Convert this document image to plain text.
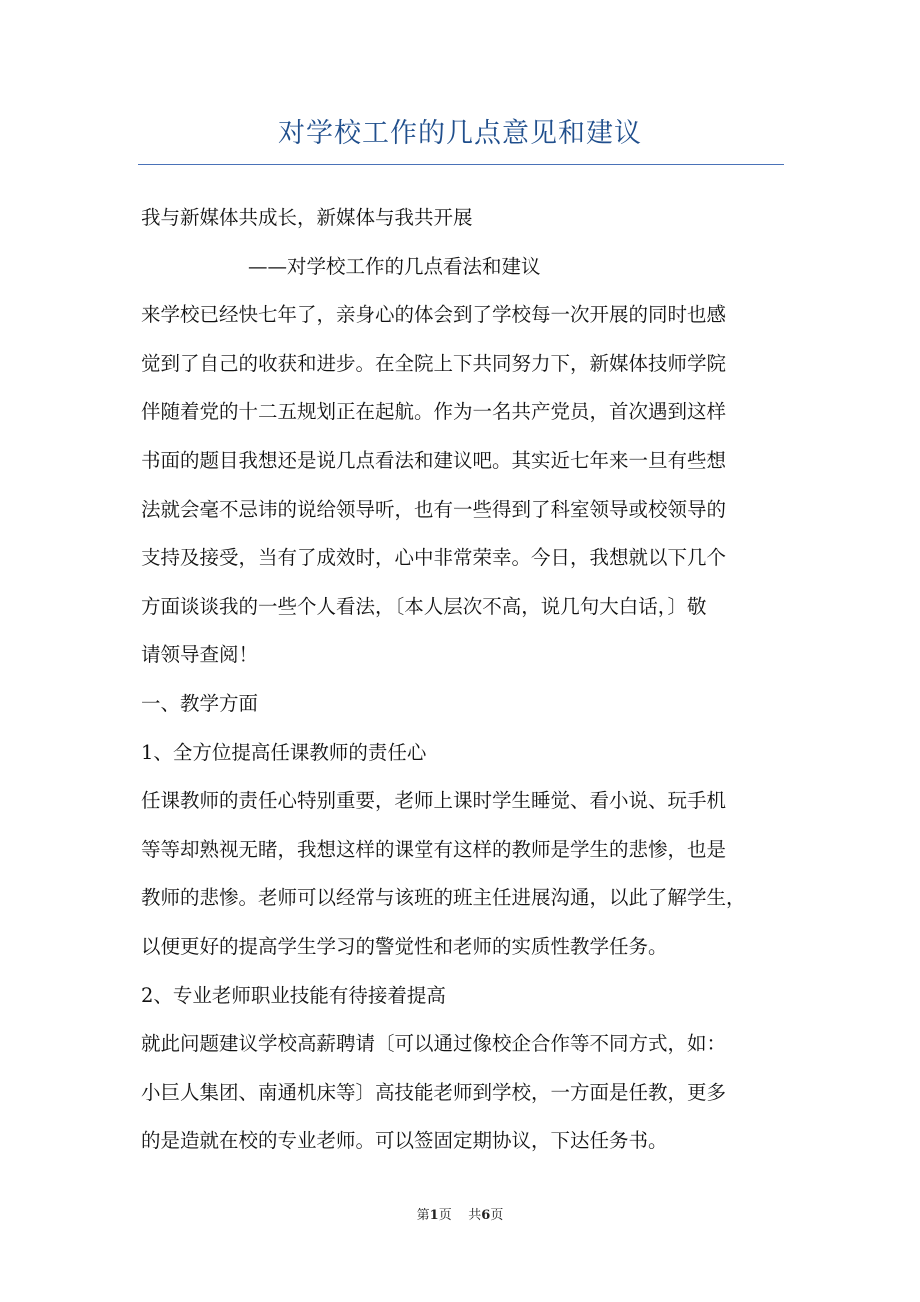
对学校工作的几点意见和建议
我与新媒体共成长，新媒体与我共开展
——对学校工作的几点看法和建议
来学校已经快七年了，亲身心的体会到了学校每一次开展的同时也感
觉到了自己的收获和进步。在全院上下共同努力下，新媒体技师学院
伴随着党的十二五规划正在起航。作为一名共产党员，首次遇到这样
书面的题目我想还是说几点看法和建议吧。其实近七年来一旦有些想
法就会毫不忌讳的说给领导听，也有一些得到了科室领导或校领导的
支持及接受，当有了成效时，心中非常荣幸。今日，我想就以下几个
方面谈谈我的一些个人看法，〔本人层次不高，说几句大白话，〕敬
请领导查阅！
一、教学方面
1、全方位提高任课教师的责任心
任课教师的责任心特别重要，老师上课时学生睡觉、看小说、玩手机
等等却熟视无睹，我想这样的课堂有这样的教师是学生的悲惨，也是
教师的悲惨。老师可以经常与该班的班主任进展沟通，以此了解学生，
以便更好的提高学生学习的警觉性和老师的实质性教学任务。
2、专业老师职业技能有待接着提高
就此问题建议学校高薪聘请〔可以通过像校企合作等不同方式，如：
小巨人集团、南通机床等〕高技能老师到学校，一方面是任教，更多
的是造就在校的专业老师。可以签固定期协议，下达任务书。
第1页 共6页
